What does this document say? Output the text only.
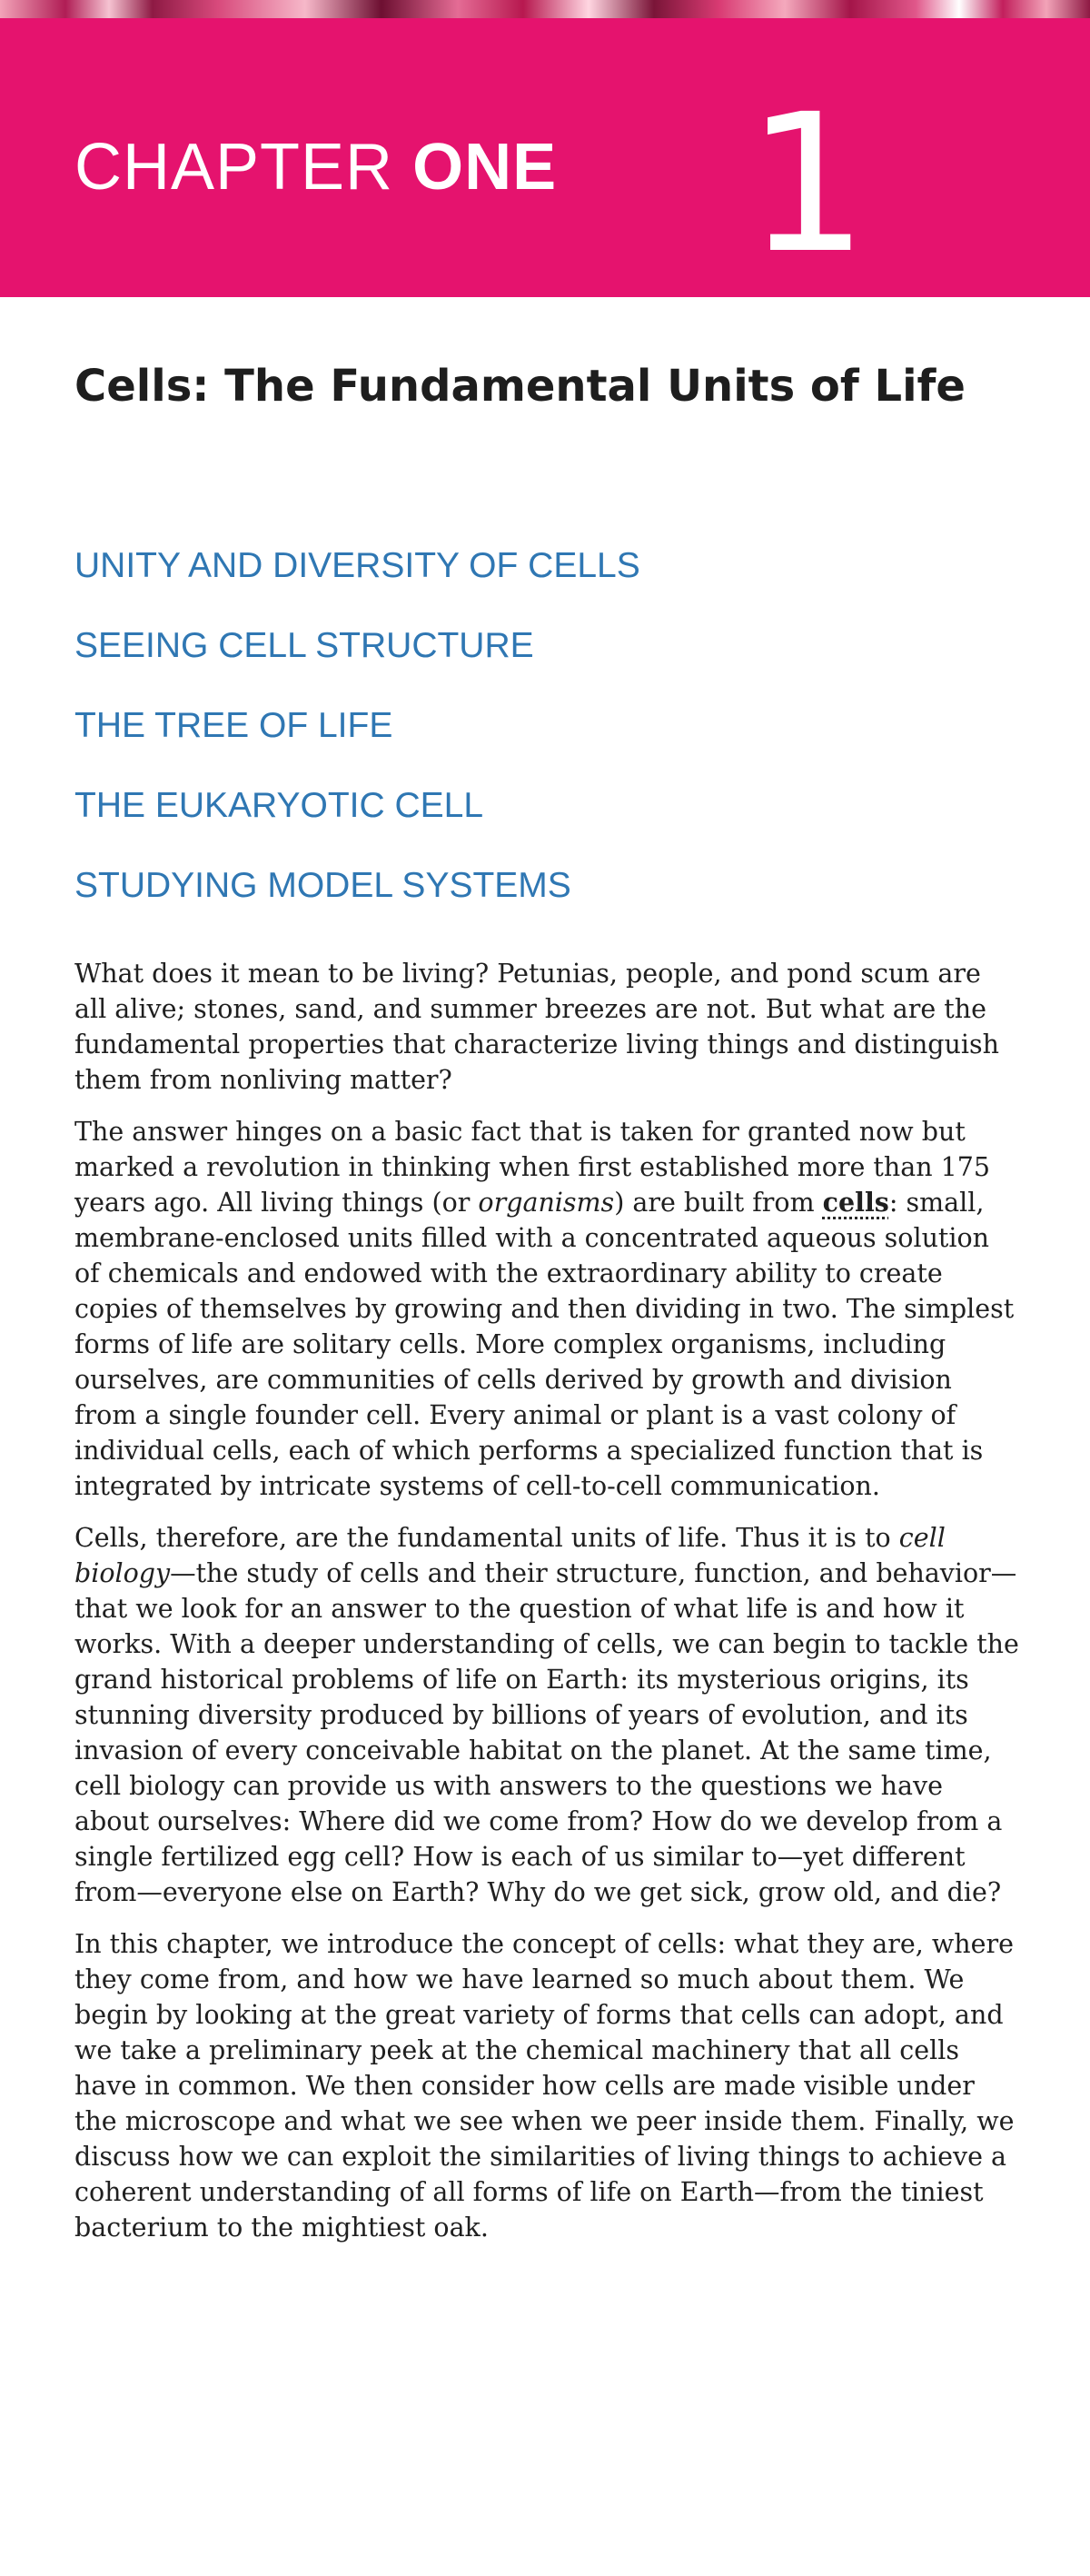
CHAPTER ONE 1
Cells: The Fundamental Units of Life
UNITY AND DIVERSITY OF CELLS
SEEING CELL STRUCTURE
THE TREE OF LIFE
THE EUKARYOTIC CELL
STUDYING MODEL SYSTEMS

What does it mean to be living? Petunias, people, and pond scum are all alive; stones, sand, and summer breezes are not. But what are the fundamental properties that characterize living things and distinguish them from nonliving matter?

The answer hinges on a basic fact that is taken for granted now but marked a revolution in thinking when first established more than 175 years ago. All living things (or organisms) are built from cells: small, membrane-enclosed units filled with a concentrated aqueous solution of chemicals and endowed with the extraordinary ability to create copies of themselves by growing and then dividing in two. The simplest forms of life are solitary cells. More complex organisms, including ourselves, are communities of cells derived by growth and division from a single founder cell. Every animal or plant is a vast colony of individual cells, each of which performs a specialized function that is integrated by intricate systems of cell-to-cell communication.

Cells, therefore, are the fundamental units of life. Thus it is to cell biology—the study of cells and their structure, function, and behavior—that we look for an answer to the question of what life is and how it works. With a deeper understanding of cells, we can begin to tackle the grand historical problems of life on Earth: its mysterious origins, its stunning diversity produced by billions of years of evolution, and its invasion of every conceivable habitat on the planet. At the same time, cell biology can provide us with answers to the questions we have about ourselves: Where did we come from? How do we develop from a single fertilized egg cell? How is each of us similar to—yet different from—everyone else on Earth? Why do we get sick, grow old, and die?

In this chapter, we introduce the concept of cells: what they are, where they come from, and how we have learned so much about them. We begin by looking at the great variety of forms that cells can adopt, and we take a preliminary peek at the chemical machinery that all cells have in common. We then consider how cells are made visible under the microscope and what we see when we peer inside them. Finally, we discuss how we can exploit the similarities of living things to achieve a coherent understanding of all forms of life on Earth—from the tiniest bacterium to the mightiest oak.
